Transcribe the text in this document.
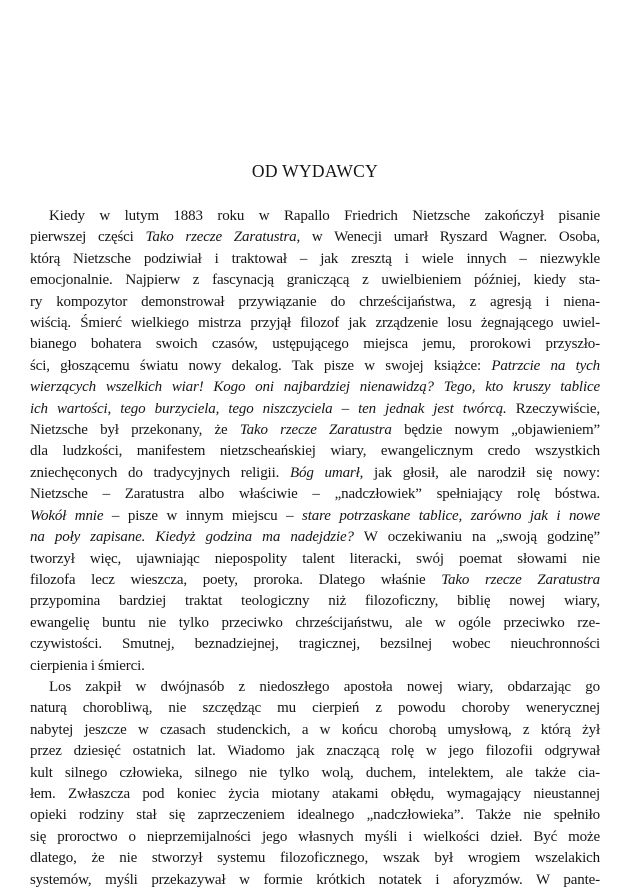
OD WYDAWCY

Kiedy w lutym 1883 roku w Rapallo Friedrich Nietzsche zakończył pisanie
pierwszej części Tako rzecze Zaratustra, w Wenecji umarł Ryszard Wagner. Osoba,
którą Nietzsche podziwiał i traktował – jak zresztą i wiele innych – niezwykle
emocjonalnie. Najpierw z fascynacją graniczącą z uwielbieniem później, kiedy sta-
ry kompozytor demonstrował przywiązanie do chrześcijaństwa, z agresją i niena-
wiścią. Śmierć wielkiego mistrza przyjął filozof jak zrządzenie losu żegnającego uwiel-
bianego bohatera swoich czasów, ustępującego miejsca jemu, prorokowi przyszło-
ści, głoszącemu światu nowy dekalog. Tak pisze w swojej książce: Patrzcie na tych
wierzących wszelkich wiar! Kogo oni najbardziej nienawidzą? Tego, kto kruszy tablice
ich wartości, tego burzyciela, tego niszczyciela – ten jednak jest twórcą. Rzeczywiście,
Nietzsche był przekonany, że Tako rzecze Zaratustra będzie nowym „objawieniem”
dla ludzkości, manifestem nietzscheańskiej wiary, ewangelicznym credo wszystkich
zniechęconych do tradycyjnych religii. Bóg umarł, jak głosił, ale narodził się nowy:
Nietzsche – Zaratustra albo właściwie – „nadczłowiek” spełniający rolę bóstwa.
Wokół mnie – pisze w innym miejscu – stare potrzaskane tablice, zarówno jak i nowe
na poły zapisane. Kiedyż godzina ma nadejdzie? W oczekiwaniu na „swoją godzinę”
tworzył więc, ujawniając niepospolity talent literacki, swój poemat słowami nie
filozofa lecz wieszcza, poety, proroka. Dlatego właśnie Tako rzecze Zaratustra
przypomina bardziej traktat teologiczny niż filozoficzny, biblię nowej wiary,
ewangelię buntu nie tylko przeciwko chrześcijaństwu, ale w ogóle przeciwko rze-
czywistości. Smutnej, beznadziejnej, tragicznej, bezsilnej wobec nieuchronności
cierpienia i śmierci.

Los zakpił w dwójnasób z niedoszłego apostoła nowej wiary, obdarzając go
naturą chorobliwą, nie szczędząc mu cierpień z powodu choroby wenerycznej
nabytej jeszcze w czasach studenckich, a w końcu chorobą umysłową, z którą żył
przez dziesięć ostatnich lat. Wiadomo jak znaczącą rolę w jego filozofii odgrywał
kult silnego człowieka, silnego nie tylko wolą, duchem, intelektem, ale także cia-
łem. Zwłaszcza pod koniec życia miotany atakami obłędu, wymagający nieustannej
opieki rodziny stał się zaprzeczeniem idealnego „nadczłowieka”. Także nie spełniło
się proroctwo o nieprzemijalności jego własnych myśli i wielkości dzieł. Być może
dlatego, że nie stworzył systemu filozoficznego, wszak był wrogiem wszelakich
systemów, myśli przekazywał w formie krótkich notatek i aforyzmów. W pante-
